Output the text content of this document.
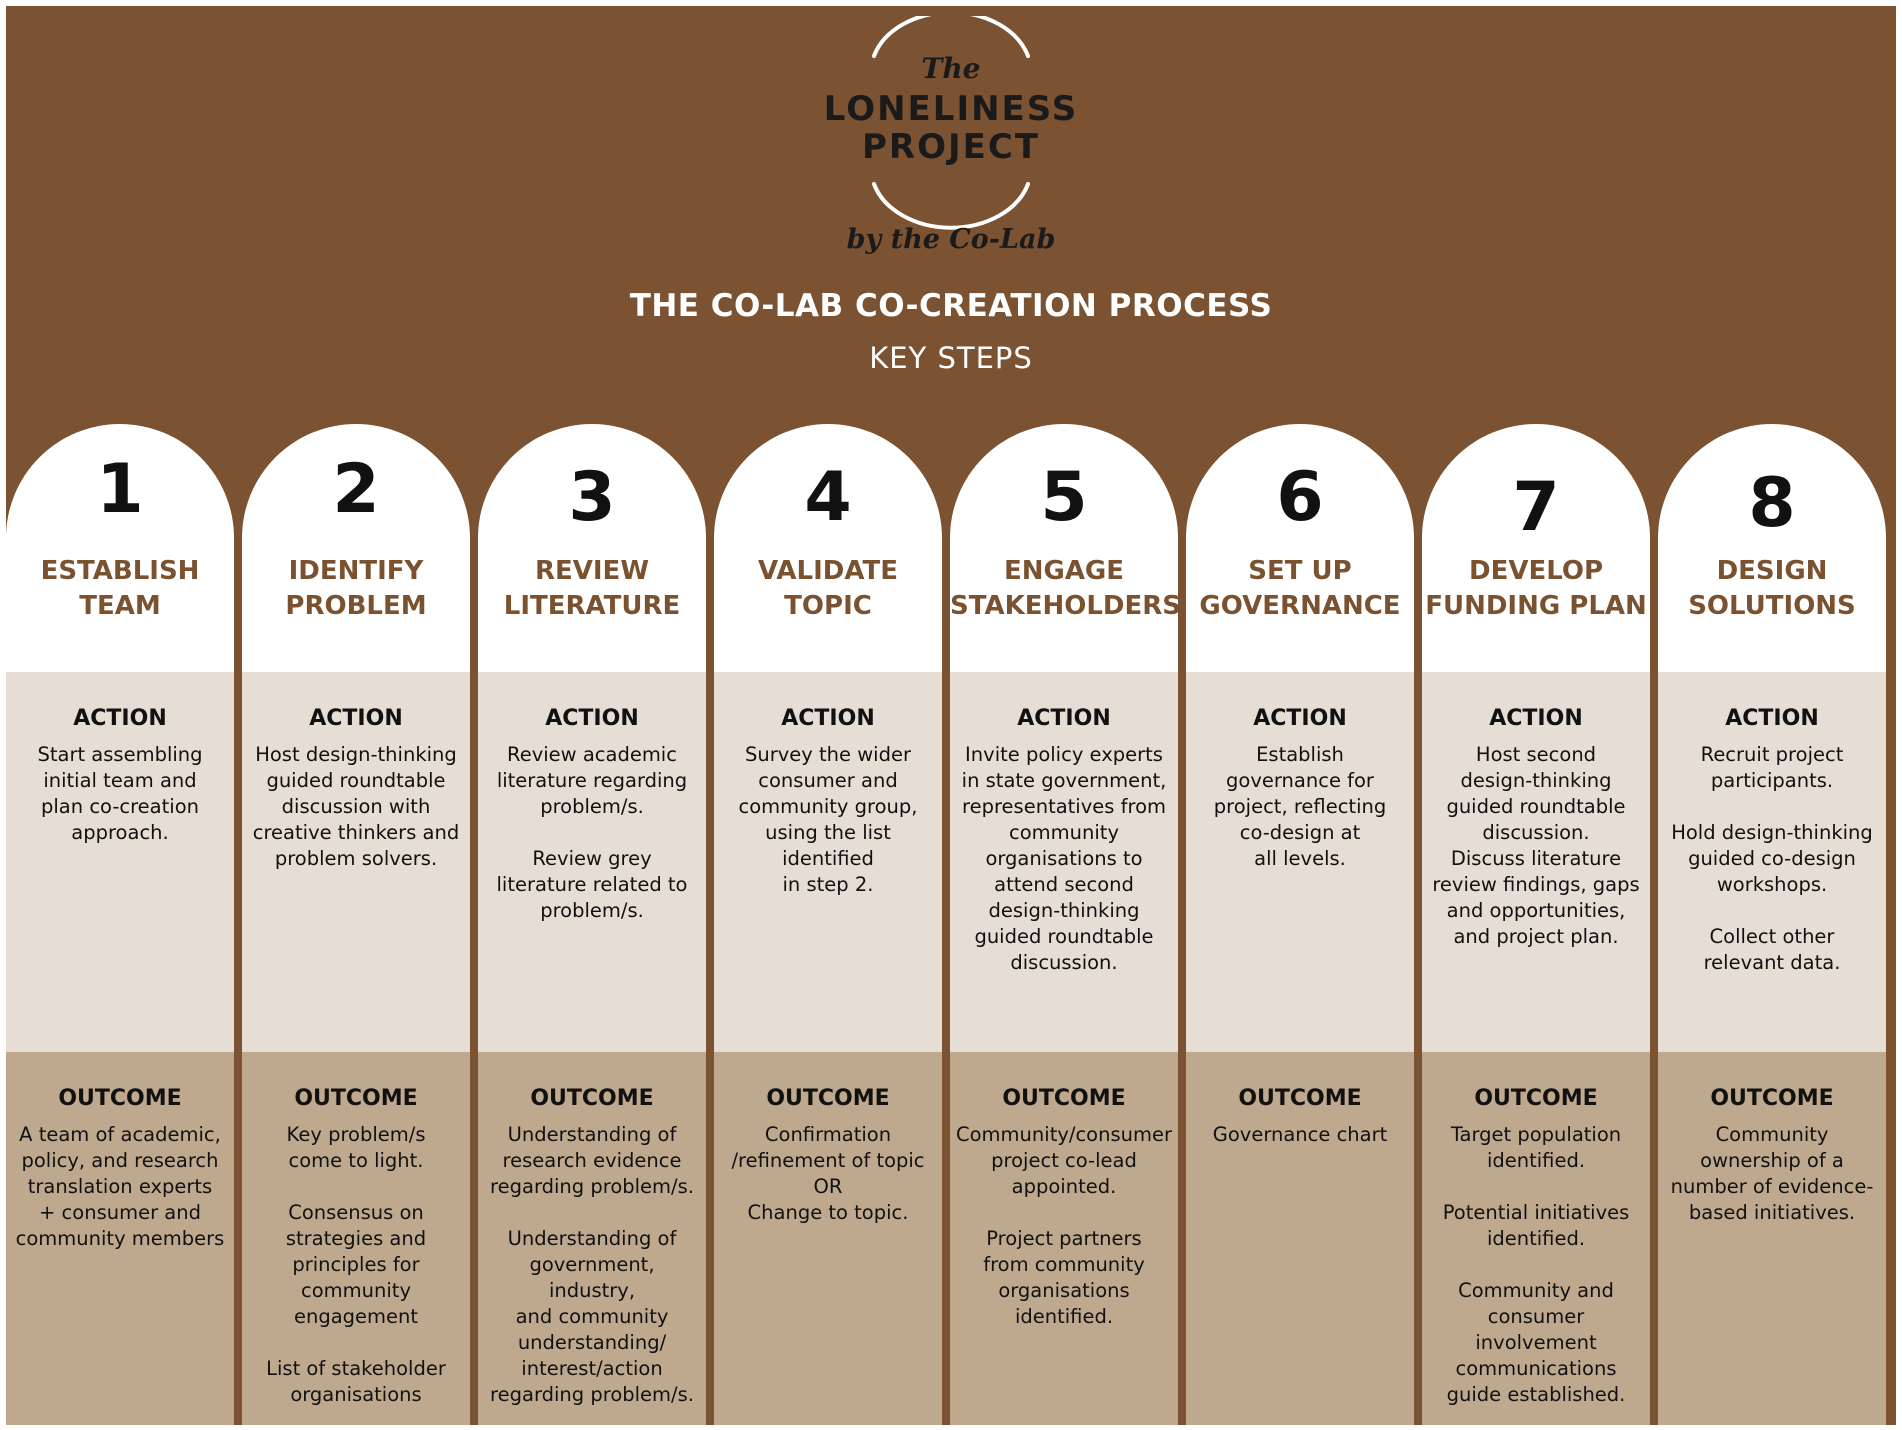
The
LONELINESS
PROJECT
by the Co-Lab
THE CO-LAB CO-CREATION PROCESS
KEY STEPS
1
ESTABLISH
TEAM
ACTION
Start assembling
initial team and
plan co-creation
approach.
OUTCOME
A team of academic,
policy, and research
translation experts
+ consumer and
community members
2
IDENTIFY
PROBLEM
ACTION
Host design-thinking
guided roundtable
discussion with
creative thinkers and
problem solvers.
OUTCOME
Key problem/s
come to light.

Consensus on
strategies and
principles for
community
engagement

List of stakeholder
organisations
3
REVIEW
LITERATURE
ACTION
Review academic
literature regarding
problem/s.

Review grey
literature related to
problem/s.
OUTCOME
Understanding of
research evidence
regarding problem/s.

Understanding of
government, industry,
and community
understanding/
interest/action
regarding problem/s.
4
VALIDATE
TOPIC
ACTION
Survey the wider
consumer and
community group,
using the list identified
in step 2.
OUTCOME
Confirmation
/refinement of topic
OR
Change to topic.
5
ENGAGE
STAKEHOLDERS
ACTION
Invite policy experts
in state government,
representatives from
community
organisations to
attend second
design-thinking
guided roundtable
discussion.
OUTCOME
Community/consumer
project co-lead
appointed.

Project partners
from community
organisations
identified.
6
SET UP
GOVERNANCE
ACTION
Establish
governance for
project, reflecting
co-design at
all levels.
OUTCOME
Governance chart
7
DEVELOP
FUNDING PLAN
ACTION
Host second
design-thinking
guided roundtable
discussion.
Discuss literature
review findings, gaps
and opportunities,
and project plan.
OUTCOME
Target population
identified.

Potential initiatives
identified.

Community and
consumer
involvement
communications
guide established.
8
DESIGN
SOLUTIONS
ACTION
Recruit project
participants.

Hold design-thinking
guided co-design
workshops.

Collect other
relevant data.
OUTCOME
Community
ownership of a
number of evidence-
based initiatives.
